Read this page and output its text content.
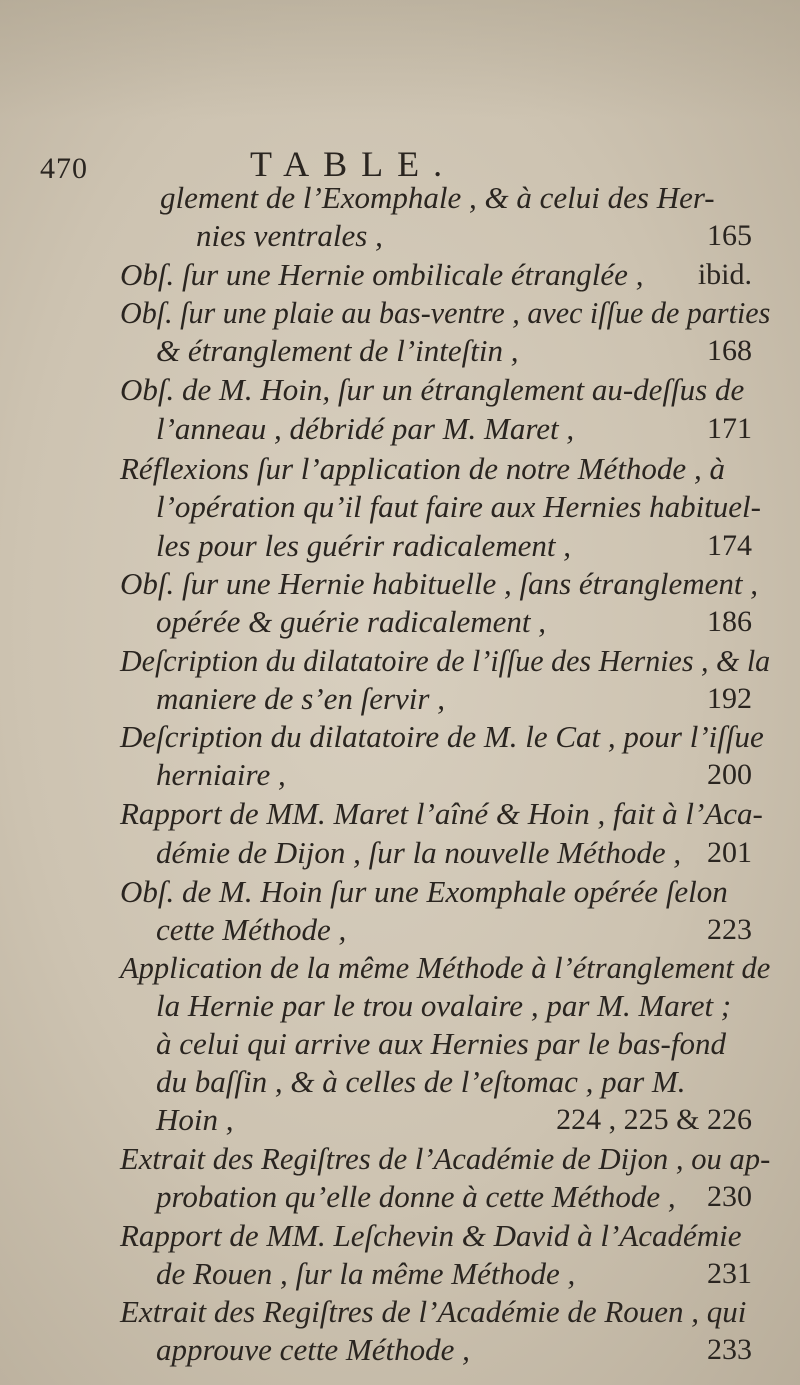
470	TABLE.
glement de l’Exomphale , & à celui des Her-
nies ventrales ,	165
Obſ. ſur une Hernie ombilicale étranglée , ibid.
Obſ. ſur une plaie au bas-ventre , avec iſſue de parties
& étranglement de l’inteſtin ,	168
Obſ. de M. Hoin, ſur un étranglement au-deſſus de
l’anneau , débridé par M. Maret ,	171
Réflexions ſur l’application de notre Méthode , à
l’opération qu’il faut faire aux Hernies habituel-
les pour les guérir radicalement ,	174
Obſ. ſur une Hernie habituelle , ſans étranglement ,
opérée & guérie radicalement ,	186
Deſcription du dilatatoire de l’iſſue des Hernies , & la
maniere de s’en ſervir ,	192
Deſcription du dilatatoire de M. le Cat , pour l’iſſue
herniaire ,	200
Rapport de MM. Maret l’aîné & Hoin , fait à l’Aca-
démie de Dijon , ſur la nouvelle Méthode , 201
Obſ. de M. Hoin ſur une Exomphale opérée ſelon
cette Méthode ,	223
Application de la même Méthode à l’étranglement de
la Hernie par le trou ovalaire , par M. Maret ;
à celui qui arrive aux Hernies par le bas-fond
du baſſin , & à celles de l’eſtomac , par M.
Hoin ,	224 , 225 & 226
Extrait des Regiſtres de l’Académie de Dijon , ou ap-
probation qu’elle donne à cette Méthode , 230
Rapport de MM. Leſchevin & David à l’Académie
de Rouen , ſur la même Méthode ,	231
Extrait des Regiſtres de l’Académie de Rouen , qui
approuve cette Méthode ,	233
